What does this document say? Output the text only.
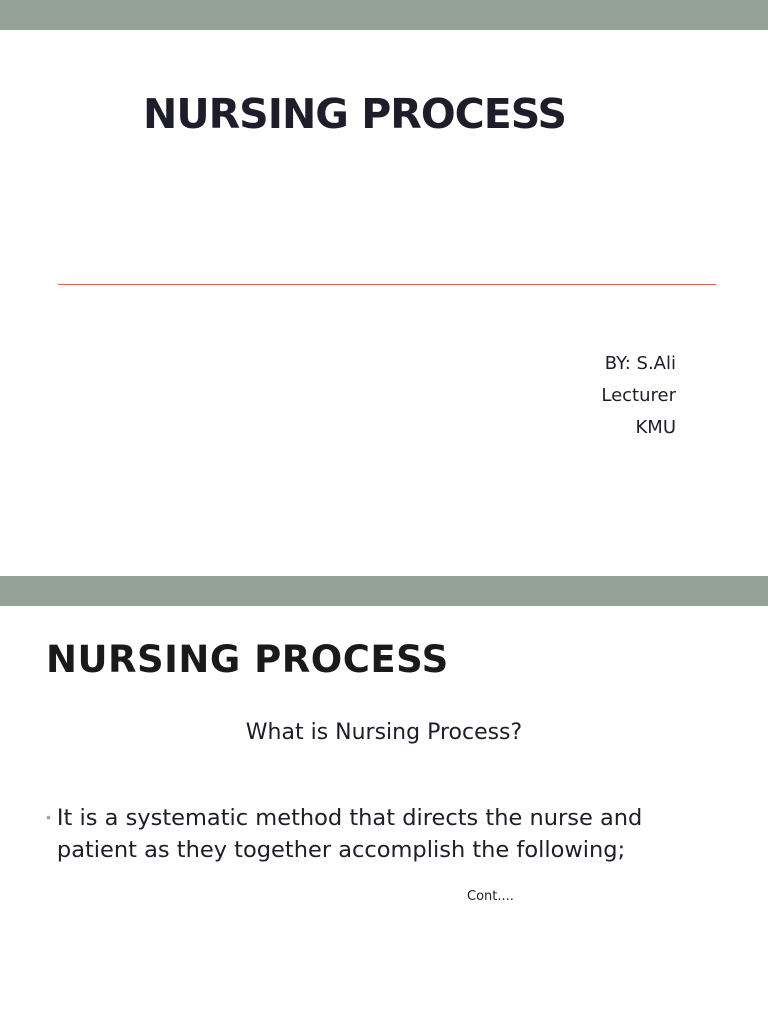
NURSING PROCESS
BY: S.Ali
Lecturer
KMU
NURSING PROCESS
What is Nursing Process?
• It is a systematic method that directs the nurse and patient as they together accomplish the following;
Cont....
